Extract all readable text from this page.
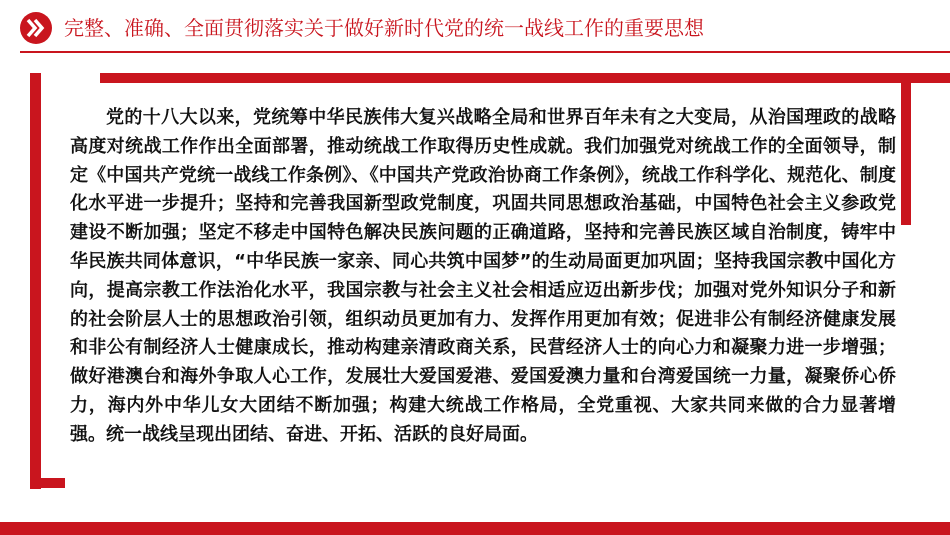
完整、准确、全面贯彻落实关于做好新时代党的统一战线工作的重要思想

党的十八大以来，党统筹中华民族伟大复兴战略全局和世界百年未有之大变局，从治国理政的战略高度对统战工作作出全面部署，推动统战工作取得历史性成就。我们加强党对统战工作的全面领导，制定《中国共产党统一战线工作条例》、《中国共产党政治协商工作条例》，统战工作科学化、规范化、制度化水平进一步提升；坚持和完善我国新型政党制度，巩固共同思想政治基础，中国特色社会主义参政党建设不断加强；坚定不移走中国特色解决民族问题的正确道路，坚持和完善民族区域自治制度，铸牢中华民族共同体意识，“中华民族一家亲、同心共筑中国梦”的生动局面更加巩固；坚持我国宗教中国化方向，提高宗教工作法治化水平，我国宗教与社会主义社会相适应迈出新步伐；加强对党外知识分子和新的社会阶层人士的思想政治引领，组织动员更加有力、发挥作用更加有效；促进非公有制经济健康发展和非公有制经济人士健康成长，推动构建亲清政商关系，民营经济人士的向心力和凝聚力进一步增强；做好港澳台和海外争取人心工作，发展壮大爱国爱港、爱国爱澳力量和台湾爱国统一力量，凝聚侨心侨力，海内外中华儿女大团结不断加强；构建大统战工作格局，全党重视、大家共同来做的合力显著增强。统一战线呈现出团结、奋进、开拓、活跃的良好局面。
